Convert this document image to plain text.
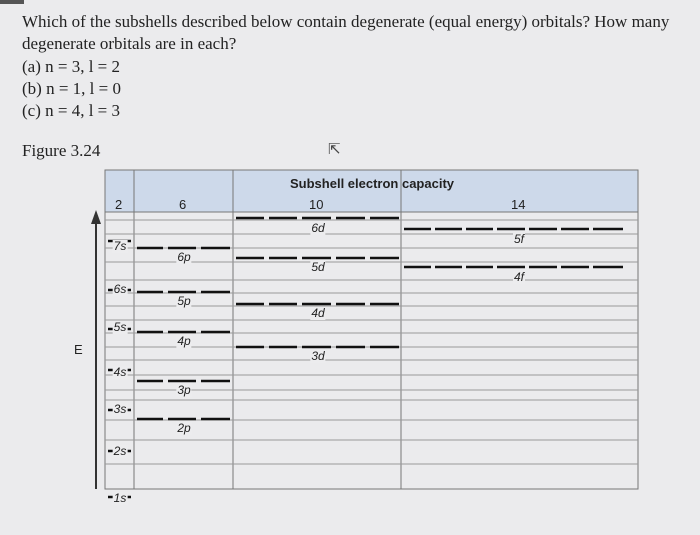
Which of the subshells described below contain degenerate (equal energy) orbitals? How many
degenerate orbitals are in each?
(a) n = 3, l = 2
(b) n = 1, l = 0
(c) n = 4, l = 3
Figure 3.24	⇱
E
Subshell electron capacity
2	6	10	14
7s
6s
5s
4s
3s
2s
1s
6p
5p
4p
3p
2p
6d
5d
4d
3d
5f
4f
